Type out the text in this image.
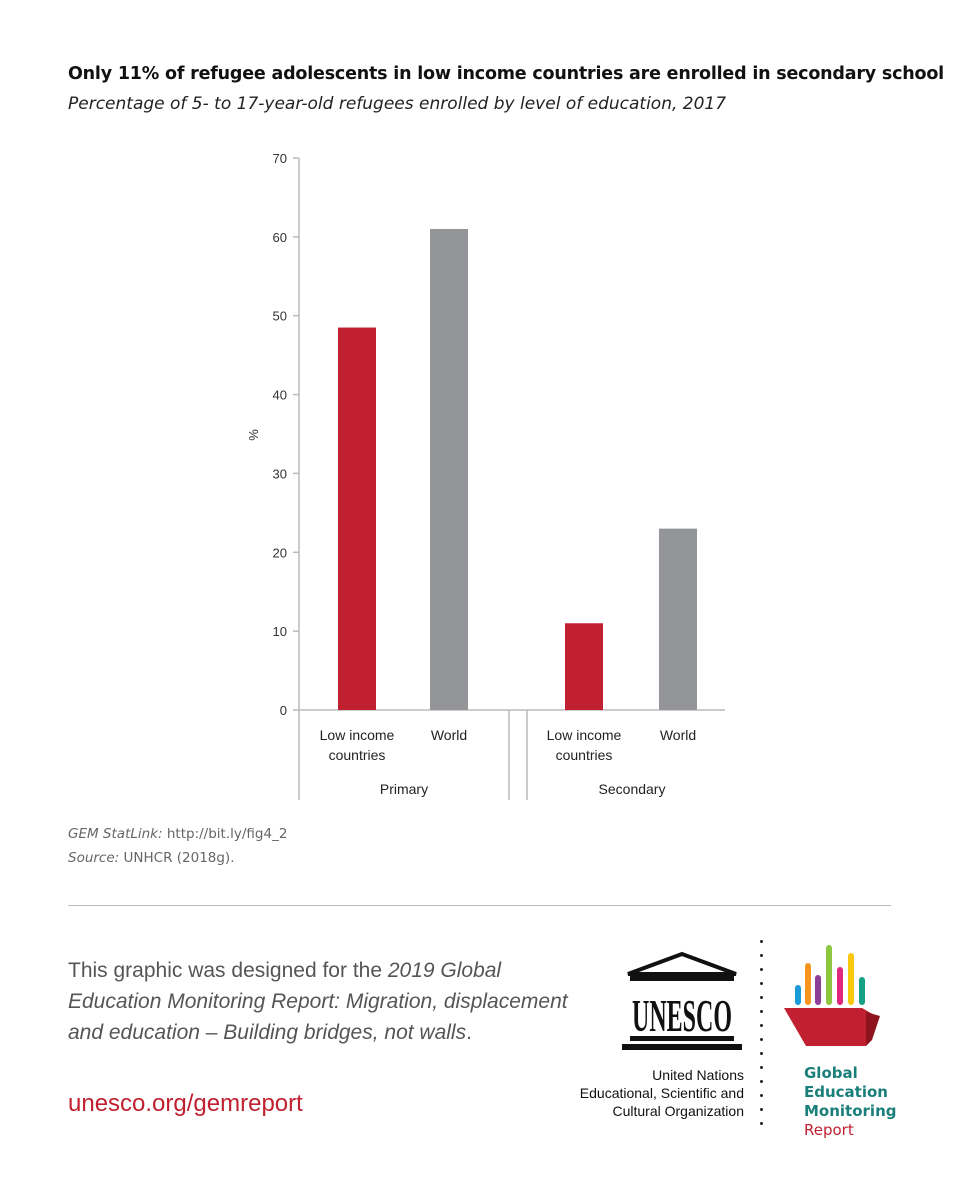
Only 11% of refugee adolescents in low income countries are enrolled in secondary school
Percentage of 5- to 17-year-old refugees enrolled by level of education, 2017
0
10
20
30
40
50
60
70
%
Low income
countries
World
Primary
Low income
countries
World
Secondary
GEM StatLink: http://bit.ly/fig4_2
Source: UNHCR (2018g).
This graphic was designed for the 2019 Global Education Monitoring Report: Migration, displacement and education – Building bridges, not walls.
unesco.org/gemreport
UNESCO
United Nations
Educational, Scientific and
Cultural Organization
Global
Education
Monitoring
Report
